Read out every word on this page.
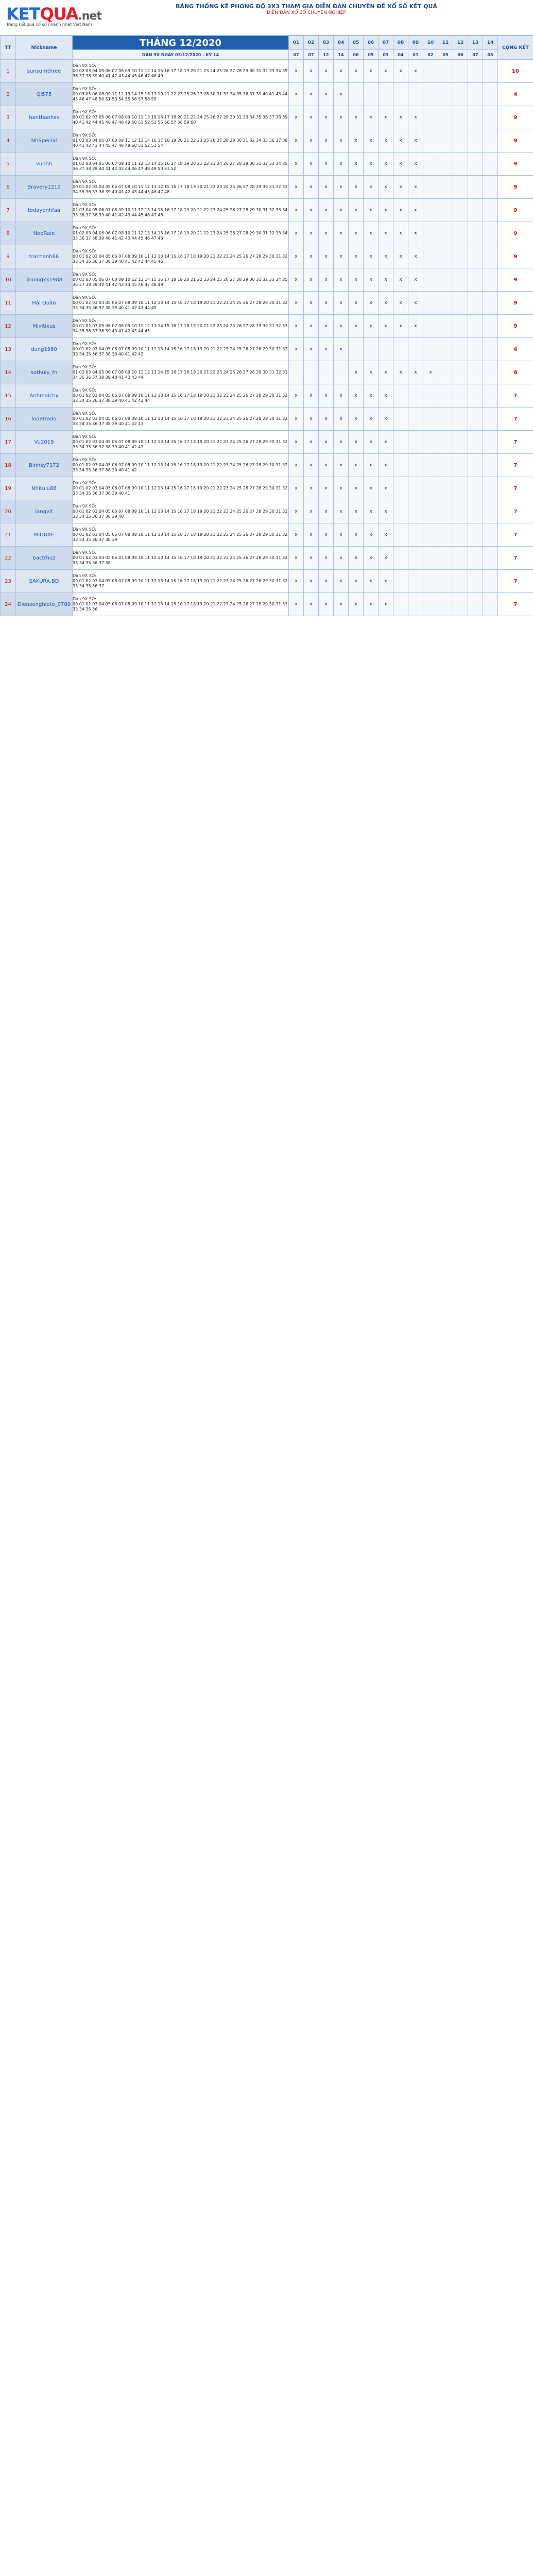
KETQUA.net
Trang kết quả xổ số nhanh nhất Việt Nam
BẢNG THỐNG KÊ PHONG ĐỘ 3X3 THAM GIA DIỄN ĐÀN CHUYÊN ĐỀ XỔ SỐ KẾT QUẢ
DIỄN ĐÀN XỔ SỐ CHUYÊN NGHIỆP
TT	Nickname	THÁNG 12/2020	01	02	03	04	05	06	07	08	09	10	11	12	13	14	CỘNG KẾT
		DÀN 9X NGÀY 03/12/2020 - KỲ 14	07	07	12	14	06	05	03	04	01	02	05	06	07	08	
1	sunsumthree	Dàn 9X SỐ:
00 02 03 04 05 06 07 08 09 10 11 12 14 15 16 17 18 19 20 21 23 24 25 26 27 28 29 30 31 32 33 34 35 36 37 38 39 40 41 42 43 44 45 46 47 48 49	x	x	x	x	x	x	x	x	x						10
2	Ql575	Dàn 9X SỐ:
00 03 05 06 08 09 11 12 13 14 15 16 17 19 21 22 23 25 26 27 28 30 31 33 34 35 36 37 39 40 41 43 44 45 46 47 48 50 51 53 54 55 56 57 58 59	x	x	x	x											4
3	hanthanhss	Dàn 9X SỐ:
00 01 02 03 05 06 07 08 09 10 11 13 15 16 17 18 20 21 22 24 25 26 27 28 30 31 33 34 35 36 37 38 39 40 41 42 44 45 46 47 48 49 50 51 52 53 55 56 57 58 59 60	x	x	x	x	x	x	x	x	x						9
4	NhSpecial	Dàn 9X SỐ:
01 02 03 04 05 07 08 09 11 12 13 14 16 17 18 19 20 21 22 23 25 26 27 28 29 30 31 32 34 35 36 37 38 40 41 42 43 44 45 47 48 49 50 51 52 53 54	x	x	x	x	x	x	x	x	x						9
5	vuhhh	Dàn 9X SỐ:
01 02 03 04 05 06 07 09 10 11 12 13 14 15 16 17 18 19 20 21 22 23 24 26 27 28 29 30 31 32 33 34 35 36 37 38 39 40 41 42 43 44 46 47 48 49 50 51 52	x	x	x	x	x	x	x	x	x						9
6	Bravery1210	Dàn 9X SỐ:
00 01 02 03 04 05 06 07 08 10 11 12 13 14 15 16 17 18 19 20 21 22 23 24 25 26 27 28 29 30 31 32 33 34 35 36 37 38 39 40 41 42 43 44 45 46 47 48	x	x	x	x	x	x	x	x	x						9
7	todayonhfaa	Dàn 9X SỐ:
02 03 04 05 06 07 08 09 10 11 12 13 14 15 16 17 18 19 20 21 22 23 24 25 26 27 28 29 30 31 32 33 34 35 36 37 38 39 40 41 42 43 44 45 46 47 48	x	x	x	x	x	x	x	x	x						9
8	NeoRain	Dàn 9X SỐ:
01 02 03 04 05 06 07 08 10 11 12 13 14 15 16 17 18 19 20 21 22 23 24 25 26 27 28 29 30 31 32 33 34 35 36 37 38 39 40 41 42 43 44 45 46 47 48	x	x	x	x	x	x	x	x	x						9
9	trachanh86	Dàn 9X SỐ:
00 01 02 03 04 05 06 07 08 09 10 11 12 13 14 15 16 17 18 19 20 21 22 23 24 25 26 27 28 29 30 31 32 33 34 35 36 37 38 39 40 41 42 43 44 45 46	x	x	x	x	x	x	x	x	x						9
10	Truongxx1988	Dàn 9X SỐ:
00 01 03 05 06 07 08 09 10 12 13 14 15 16 17 18 19 20 21 22 23 24 25 26 27 28 29 30 31 32 33 34 35 36 37 38 39 40 41 42 43 44 45 46 47 48 49	x	x	x	x	x	x	x	x	x						9
11	Hải Quân	Dàn 9X SỐ:
00 01 02 03 04 05 06 07 08 09 10 11 12 13 14 15 16 17 18 19 20 21 22 23 24 25 26 27 28 29 30 31 32 33 34 35 36 37 38 39 40 41 42 43 44 45	x	x	x	x	x	x	x	x	x						9
12	Mixitixus	Dàn 9X SỐ:
00 01 02 03 05 06 07 08 09 10 11 12 13 14 15 16 17 18 19 20 21 22 23 24 25 26 27 28 29 30 31 32 33 34 35 36 37 38 39 40 41 42 43 44 45	x	x	x	x	x	x	x	x	x						9
13	dung1980	Dàn 9X SỐ:
00 01 02 03 04 05 06 07 08 09 10 11 12 13 14 15 16 17 18 19 20 21 22 23 24 25 26 27 28 29 30 31 32 33 34 35 36 37 38 39 40 41 42 43	x	x	x	x											4
14	sothuly_fn	Dàn 9X SỐ:
01 02 03 04 05 06 07 08 09 10 11 12 13 14 15 16 17 18 19 20 21 22 23 24 25 26 27 28 29 30 31 32 33 34 35 36 37 38 39 40 41 42 43 44					x	x	x	x	x	x					6
15	Anhmaichx	Dàn 9X SỐ:
00 01 02 03 04 05 06 07 08 09 10 11 12 13 14 15 16 17 18 19 20 21 22 23 24 25 26 27 28 29 30 31 32 33 34 35 36 37 38 39 40 41 42 43 44	x	x	x	x	x	x	x								7
16	lodetrado	Dàn 9X SỐ:
00 01 02 03 04 05 06 07 08 09 10 11 12 13 14 15 16 17 18 19 20 21 22 23 24 25 26 27 28 29 30 31 32 33 34 35 36 37 38 39 40 41 42 43	x	x	x	x	x	x	x								7
17	Vu2019	Dàn 9X SỐ:
00 01 02 03 04 05 06 07 08 09 10 11 12 13 14 15 16 17 18 19 20 21 22 23 24 25 26 27 28 29 30 31 32 33 34 35 36 37 38 39 40 41 42 43	x	x	x	x	x	x	x								7
18	Binhsy7172	Dàn 9X SỐ:
00 01 02 03 04 05 06 07 08 09 10 11 12 13 14 15 16 17 18 19 20 21 22 23 24 25 26 27 28 29 30 31 32 33 34 35 36 37 38 39 40 41 42	x	x	x	x	x	x	x								7
19	Nhitulu86	Dàn 9X SỐ:
00 01 02 03 04 05 06 07 08 09 10 11 12 13 14 15 16 17 18 19 20 21 22 23 24 25 26 27 28 29 30 31 32 33 34 35 36 37 38 39 40 41	x	x	x	x	x	x	x								7
20	langvit	Dàn 9X SỐ:
00 01 02 03 04 05 06 07 08 09 10 11 12 13 14 15 16 17 18 19 20 21 22 23 24 25 26 27 28 29 30 31 32 33 34 35 36 37 38 39 40	x	x	x	x	x	x	x								7
21	MIDUXE	Dàn 9X SỐ:
00 01 02 03 04 05 06 07 08 09 10 11 12 13 14 15 16 17 18 19 20 21 22 23 24 25 26 27 28 29 30 31 32 33 34 35 36 37 38 39	x	x	x	x	x	x	x								7
22	bactrhuz	Dàn 9X SỐ:
00 01 02 03 04 05 06 07 08 09 10 11 12 13 14 15 16 17 18 19 20 21 22 23 24 25 26 27 28 29 30 31 32 33 34 35 36 37 38	x	x	x	x	x	x	x								7
23	SAKURA.BD	Dàn 9X SỐ:
00 01 02 03 04 05 06 07 08 09 10 11 12 13 14 15 16 17 18 19 20 21 22 23 24 25 26 27 28 29 30 31 32 33 34 35 36 37	x	x	x	x	x	x	x								7
24	Dienxenghieto_0789	Dàn 9X SỐ:
00 01 02 03 04 05 06 07 08 09 10 11 12 13 14 15 16 17 18 19 20 21 22 23 24 25 26 27 28 29 30 31 32 33 34 35 36	x	x	x	x	x	x	x								7
